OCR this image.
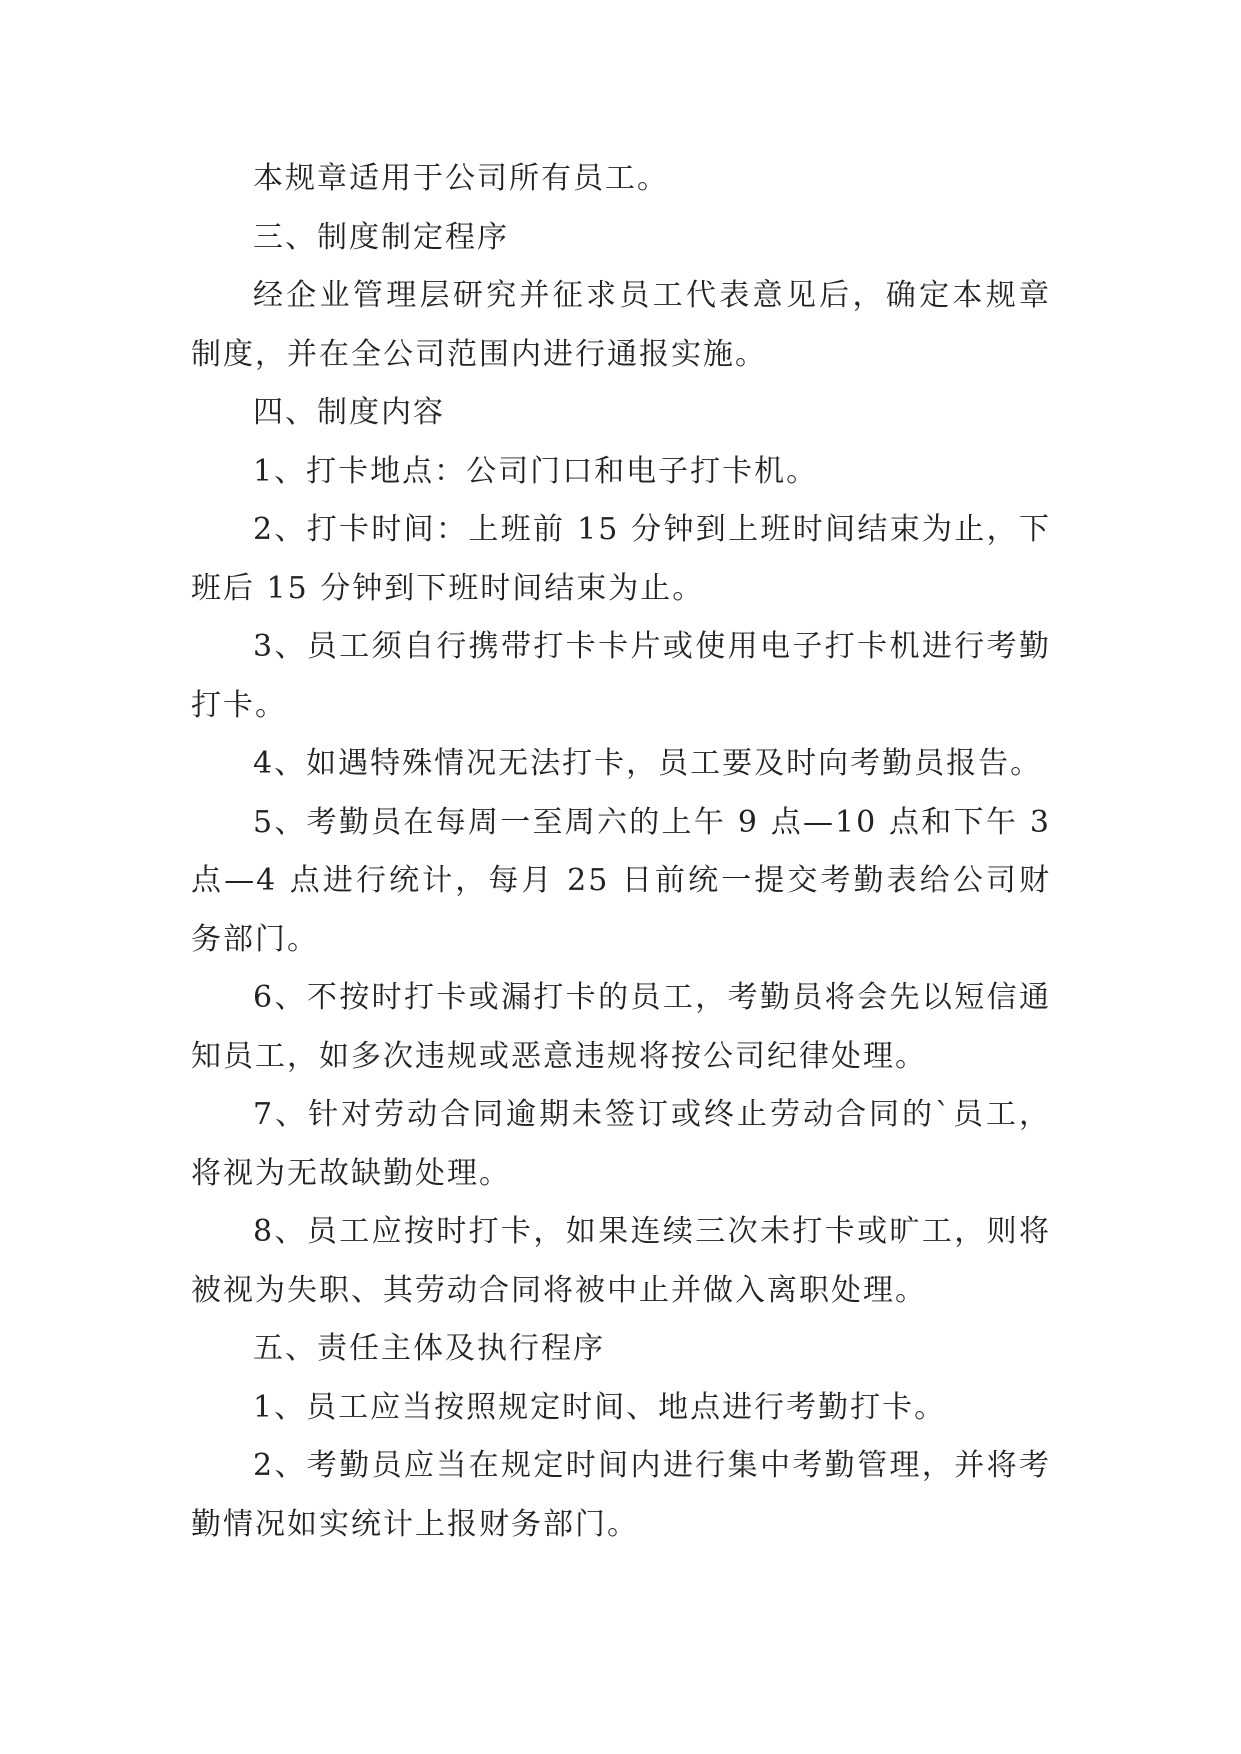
本规章适用于公司所有员工。

三、制度制定程序

经企业管理层研究并征求员工代表意见后，确定本规章制度，并在全公司范围内进行通报实施。

四、制度内容

1、打卡地点：公司门口和电子打卡机。

2、打卡时间：上班前 15 分钟到上班时间结束为止，下班后 15 分钟到下班时间结束为止。

3、员工须自行携带打卡卡片或使用电子打卡机进行考勤打卡。

4、如遇特殊情况无法打卡，员工要及时向考勤员报告。

5、考勤员在每周一至周六的上午 9 点—10 点和下午 3 点—4 点进行统计，每月 25 日前统一提交考勤表给公司财务部门。

6、不按时打卡或漏打卡的员工，考勤员将会先以短信通知员工，如多次违规或恶意违规将按公司纪律处理。

7、针对劳动合同逾期未签订或终止劳动合同的`员工，将视为无故缺勤处理。

8、员工应按时打卡，如果连续三次未打卡或旷工，则将被视为失职、其劳动合同将被中止并做入离职处理。

五、责任主体及执行程序

1、员工应当按照规定时间、地点进行考勤打卡。

2、考勤员应当在规定时间内进行集中考勤管理，并将考勤情况如实统计上报财务部门。
